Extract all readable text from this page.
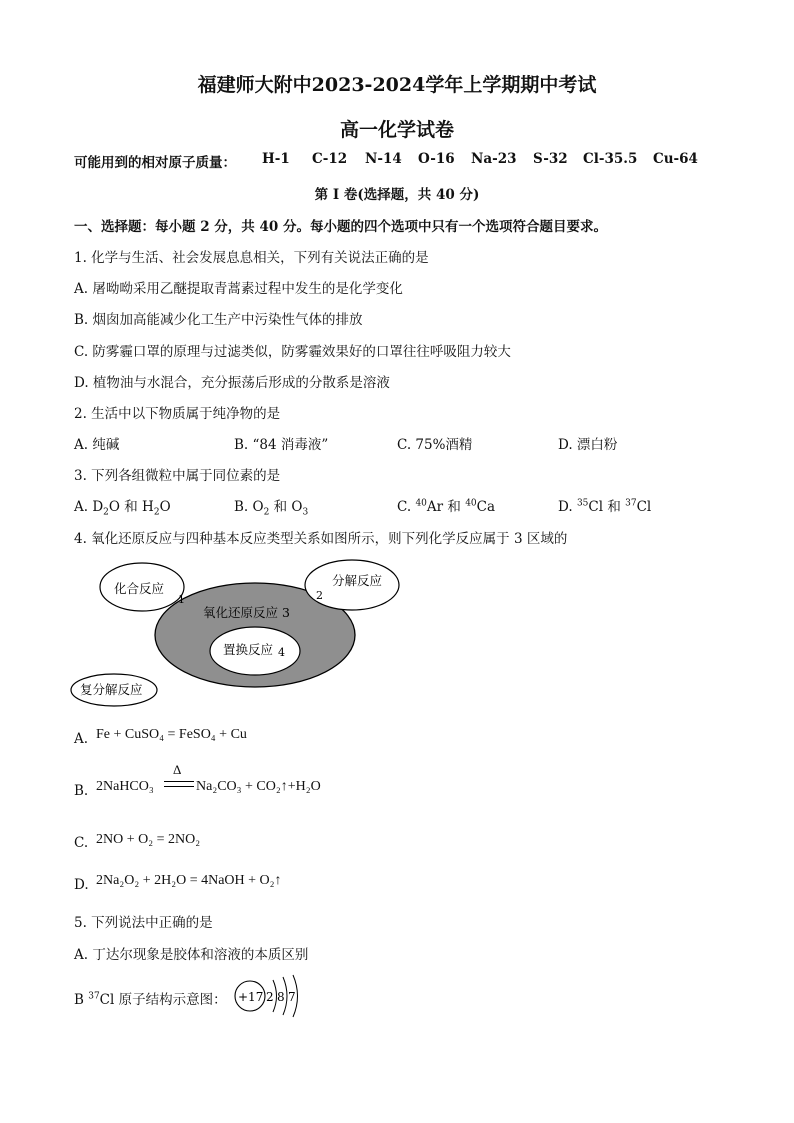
福建师大附中2023-2024学年上学期期中考试
高一化学试卷
可能用到的相对原子质量： H-1 C-12 N-14 O-16 Na-23 S-32 Cl-35.5 Cu-64
第 I 卷(选择题，共 40 分)
一、选择题：每小题 2 分，共 40 分。每小题的四个选项中只有一个选项符合题目要求。
1. 化学与生活、社会发展息息相关，下列有关说法正确的是
A. 屠呦呦采用乙醚提取青蒿素过程中发生的是化学变化
B. 烟囱加高能减少化工生产中污染性气体的排放
C. 防雾霾口罩的原理与过滤类似，防雾霾效果好的口罩往往呼吸阻力较大
D. 植物油与水混合，充分振荡后形成的分散系是溶液
2. 生活中以下物质属于纯净物的是
A. 纯碱	B. “84 消毒液”	C. 75%酒精	D. 漂白粉
3. 下列各组微粒中属于同位素的是
A. $D_2O$ 和 $H_2O$	B. $O_2$ 和 $O_3$	C. $^{40}$Ar 和 $^{40}$Ca	D. $^{35}$Cl 和 $^{37}$Cl
4. 氧化还原反应与四种基本反应类型关系如图所示，则下列化学反应属于 3 区域的
化合反应
1
分解反应
2
氧化还原反应 3
置换反应 4
复分解反应
A. Fe + CuSO₄ = FeSO₄ + Cu
B.
Δ
2NaHCO₃	Na₂CO₃ + CO₂↑+H₂O
C. 2NO + O₂ = 2NO₂
D. 2Na₂O₂ + 2H₂O = 4NaOH + O₂↑
5. 下列说法中正确的是
A. 丁达尔现象是胶体和溶液的本质区别
B $^{37}$Cl 原子结构示意图： +17 2 8 7
